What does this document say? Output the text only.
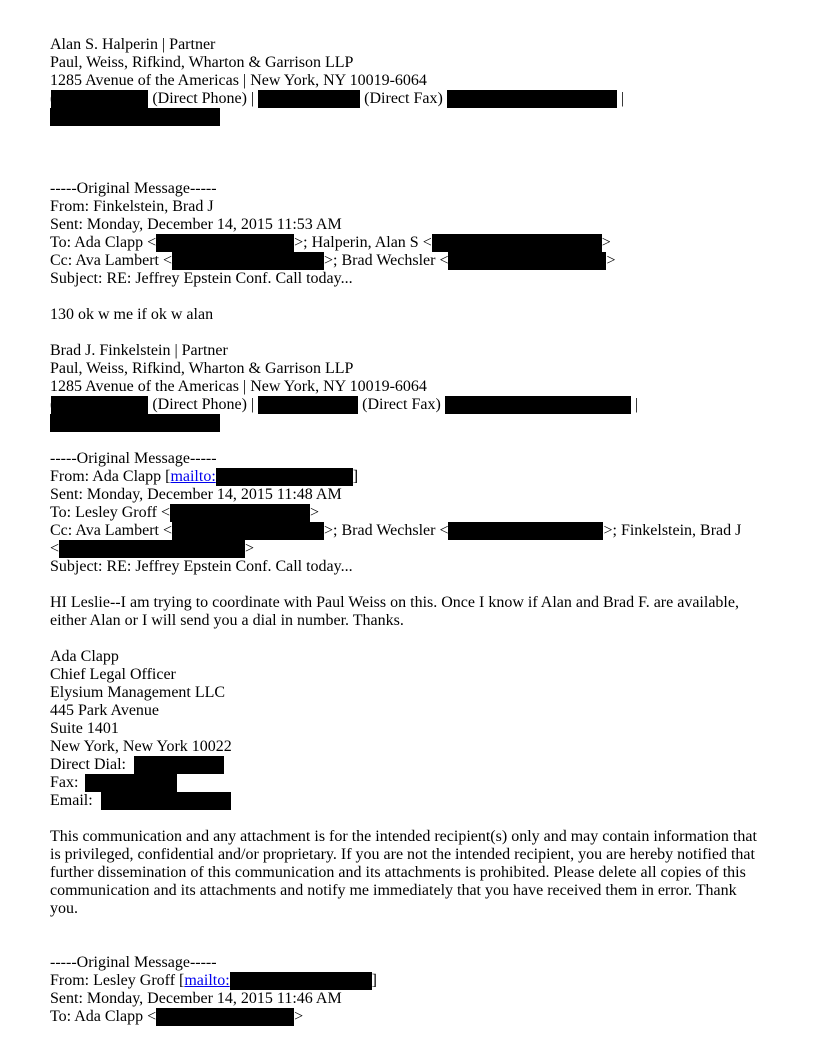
Alan S. Halperin | Partner
Paul, Weiss, Rifkind, Wharton & Garrison LLP
1285 Avenue of the Americas | New York, NY 10019-6064
(Direct Phone) |	(Direct Fax)	|
-----Original Message-----
From: Finkelstein, Brad J
Sent: Monday, December 14, 2015 11:53 AM
To: Ada Clapp <	>; Halperin, Alan S <	>
Cc: Ava Lambert <	>; Brad Wechsler <	>
Subject: RE: Jeffrey Epstein Conf. Call today...
130 ok w me if ok w alan
Brad J. Finkelstein | Partner
Paul, Weiss, Rifkind, Wharton & Garrison LLP
1285 Avenue of the Americas | New York, NY 10019-6064
(Direct Phone) |	(Direct Fax)	|
-----Original Message-----
From: Ada Clapp [mailto:	]
Sent: Monday, December 14, 2015 11:48 AM
To: Lesley Groff <	>
Cc: Ava Lambert <	>; Brad Wechsler <	>; Finkelstein, Brad J
<	>
Subject: RE: Jeffrey Epstein Conf. Call today...
HI Leslie--I am trying to coordinate with Paul Weiss on this. Once I know if Alan and Brad F. are available, either Alan or I will send you a dial in number. Thanks.
Ada Clapp
Chief Legal Officer
Elysium Management LLC
445 Park Avenue
Suite 1401
New York, New York 10022
Direct Dial:
Fax:
Email:
This communication and any attachment is for the intended recipient(s) only and may contain information that is privileged, confidential and/or proprietary. If you are not the intended recipient, you are hereby notified that further dissemination of this communication and its attachments is prohibited. Please delete all copies of this communication and its attachments and notify me immediately that you have received them in error. Thank you.
-----Original Message-----
From: Lesley Groff [mailto:	]
Sent: Monday, December 14, 2015 11:46 AM
To: Ada Clapp <	>
